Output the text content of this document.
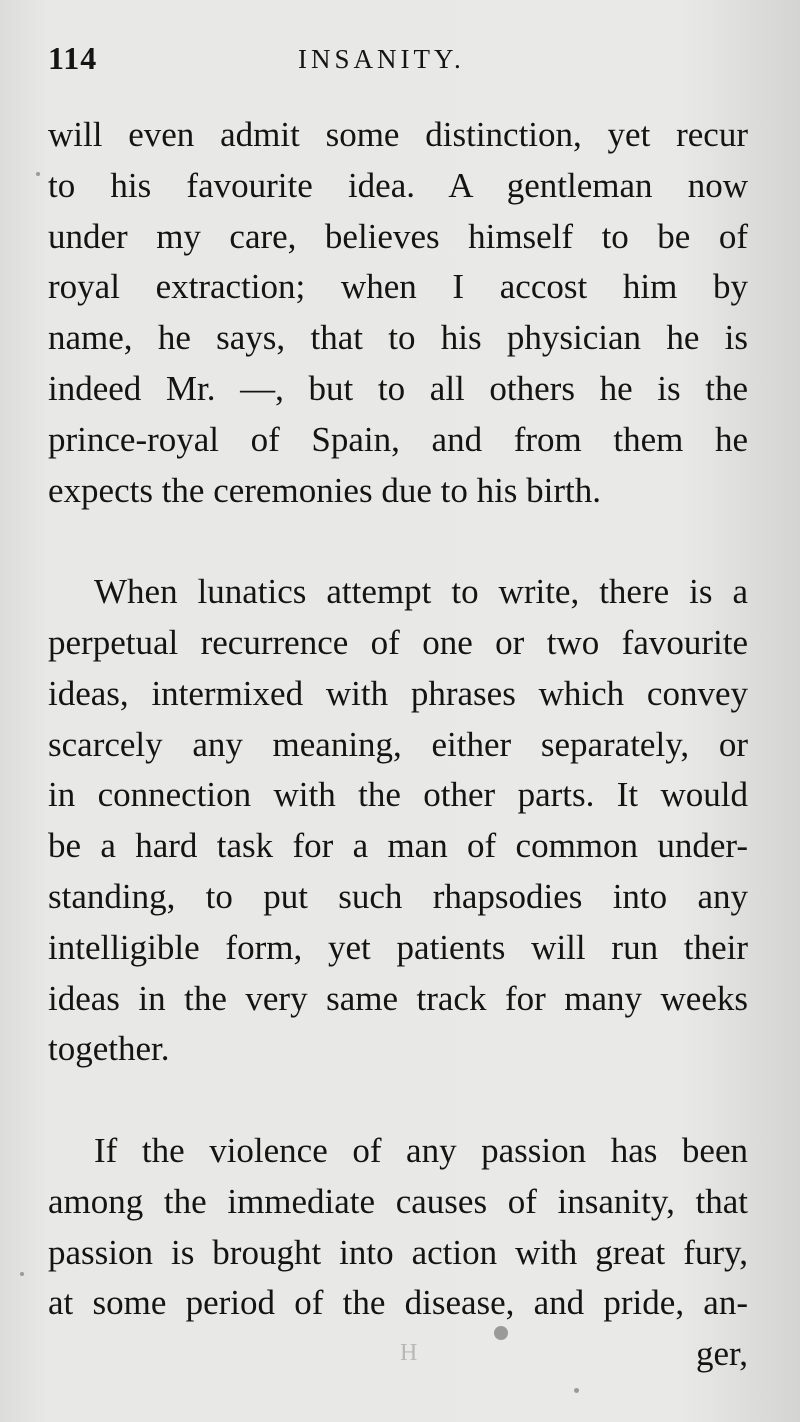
114	INSANITY.
will even admit some distinction, yet recur
to his favourite idea. A gentleman now
under my care, believes himself to be of
royal extraction; when I accost him by
name, he says, that to his physician he is
indeed Mr. —, but to all others he is the
prince-royal of Spain, and from them he
expects the ceremonies due to his birth.
When lunatics attempt to write, there is a
perpetual recurrence of one or two favourite
ideas, intermixed with phrases which convey
scarcely any meaning, either separately, or
in connection with the other parts. It would
be a hard task for a man of common under-
standing, to put such rhapsodies into any
intelligible form, yet patients will run their
ideas in the very same track for many weeks
together.
If the violence of any passion has been
among the immediate causes of insanity, that
passion is brought into action with great fury,
at some period of the disease, and pride, an-
ger,
H
